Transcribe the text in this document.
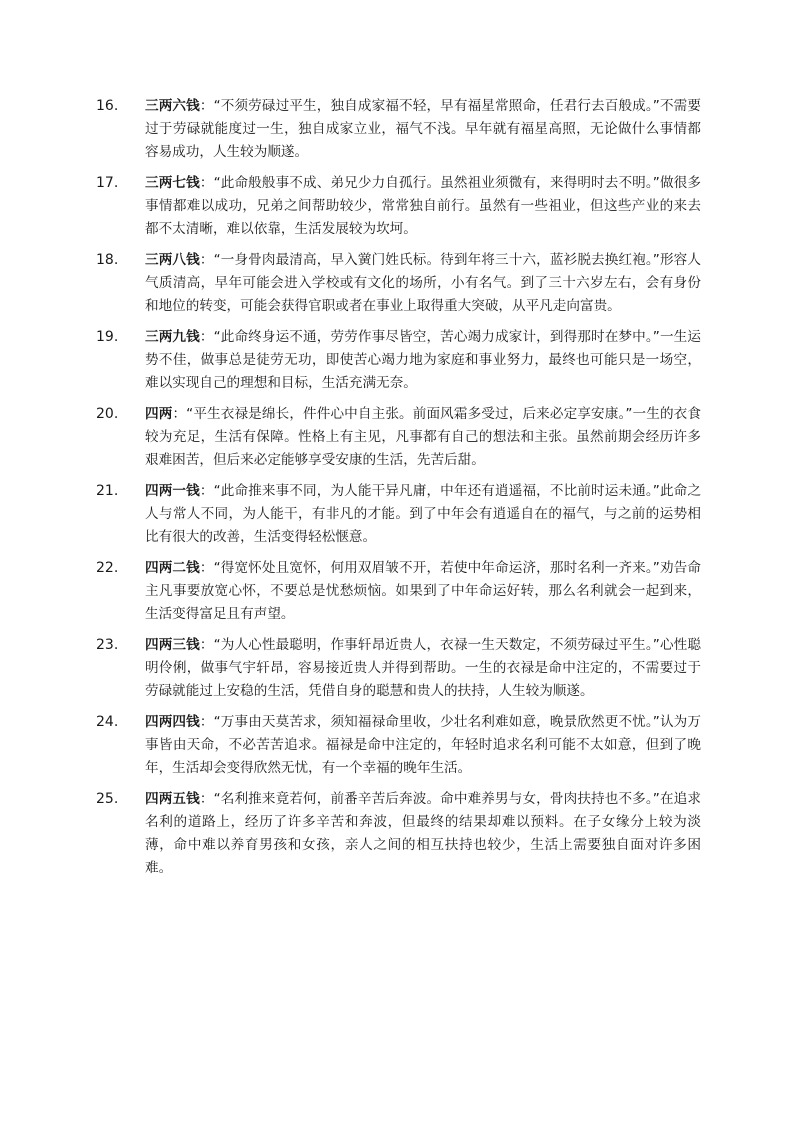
16. 三两六钱：“不须劳碌过平生，独自成家福不轻，早有福星常照命，任君行去百般成。”不需要过于劳碌就能度过一生，独自成家立业，福气不浅。早年就有福星高照，无论做什么事情都容易成功，人生较为顺遂。
17. 三两七钱：“此命般般事不成、弟兄少力自孤行。虽然祖业须微有，来得明时去不明。”做很多事情都难以成功，兄弟之间帮助较少，常常独自前行。虽然有一些祖业，但这些产业的来去都不太清晰，难以依靠，生活发展较为坎坷。
18. 三两八钱：“一身骨肉最清高，早入黉门姓氏标。待到年将三十六，蓝衫脱去换红袍。”形容人气质清高，早年可能会进入学校或有文化的场所，小有名气。到了三十六岁左右，会有身份和地位的转变，可能会获得官职或者在事业上取得重大突破，从平凡走向富贵。
19. 三两九钱：“此命终身运不通，劳劳作事尽皆空，苦心竭力成家计，到得那时在梦中。”一生运势不佳，做事总是徒劳无功，即使苦心竭力地为家庭和事业努力，最终也可能只是一场空，难以实现自己的理想和目标，生活充满无奈。
20. 四两：“平生衣禄是绵长，件件心中自主张。前面风霜多受过，后来必定享安康。”一生的衣食较为充足，生活有保障。性格上有主见，凡事都有自己的想法和主张。虽然前期会经历许多艰难困苦，但后来必定能够享受安康的生活，先苦后甜。
21. 四两一钱：“此命推来事不同，为人能干异凡庸，中年还有逍遥福，不比前时运未通。”此命之人与常人不同，为人能干，有非凡的才能。到了中年会有逍遥自在的福气，与之前的运势相比有很大的改善，生活变得轻松惬意。
22. 四两二钱：“得宽怀处且宽怀，何用双眉皱不开，若使中年命运济，那时名利一齐来。”劝告命主凡事要放宽心怀，不要总是忧愁烦恼。如果到了中年命运好转，那么名利就会一起到来，生活变得富足且有声望。
23. 四两三钱：“为人心性最聪明，作事轩昂近贵人，衣禄一生天数定，不须劳碌过平生。”心性聪明伶俐，做事气宇轩昂，容易接近贵人并得到帮助。一生的衣禄是命中注定的，不需要过于劳碌就能过上安稳的生活，凭借自身的聪慧和贵人的扶持，人生较为顺遂。
24. 四两四钱：“万事由天莫苦求，须知福禄命里收，少壮名利难如意，晚景欣然更不忧。”认为万事皆由天命，不必苦苦追求。福禄是命中注定的，年轻时追求名利可能不太如意，但到了晚年，生活却会变得欣然无忧，有一个幸福的晚年生活。
25. 四两五钱：“名利推来竟若何，前番辛苦后奔波。命中难养男与女，骨肉扶持也不多。”在追求名利的道路上，经历了许多辛苦和奔波，但最终的结果却难以预料。在子女缘分上较为淡薄，命中难以养育男孩和女孩，亲人之间的相互扶持也较少，生活上需要独自面对许多困难。
